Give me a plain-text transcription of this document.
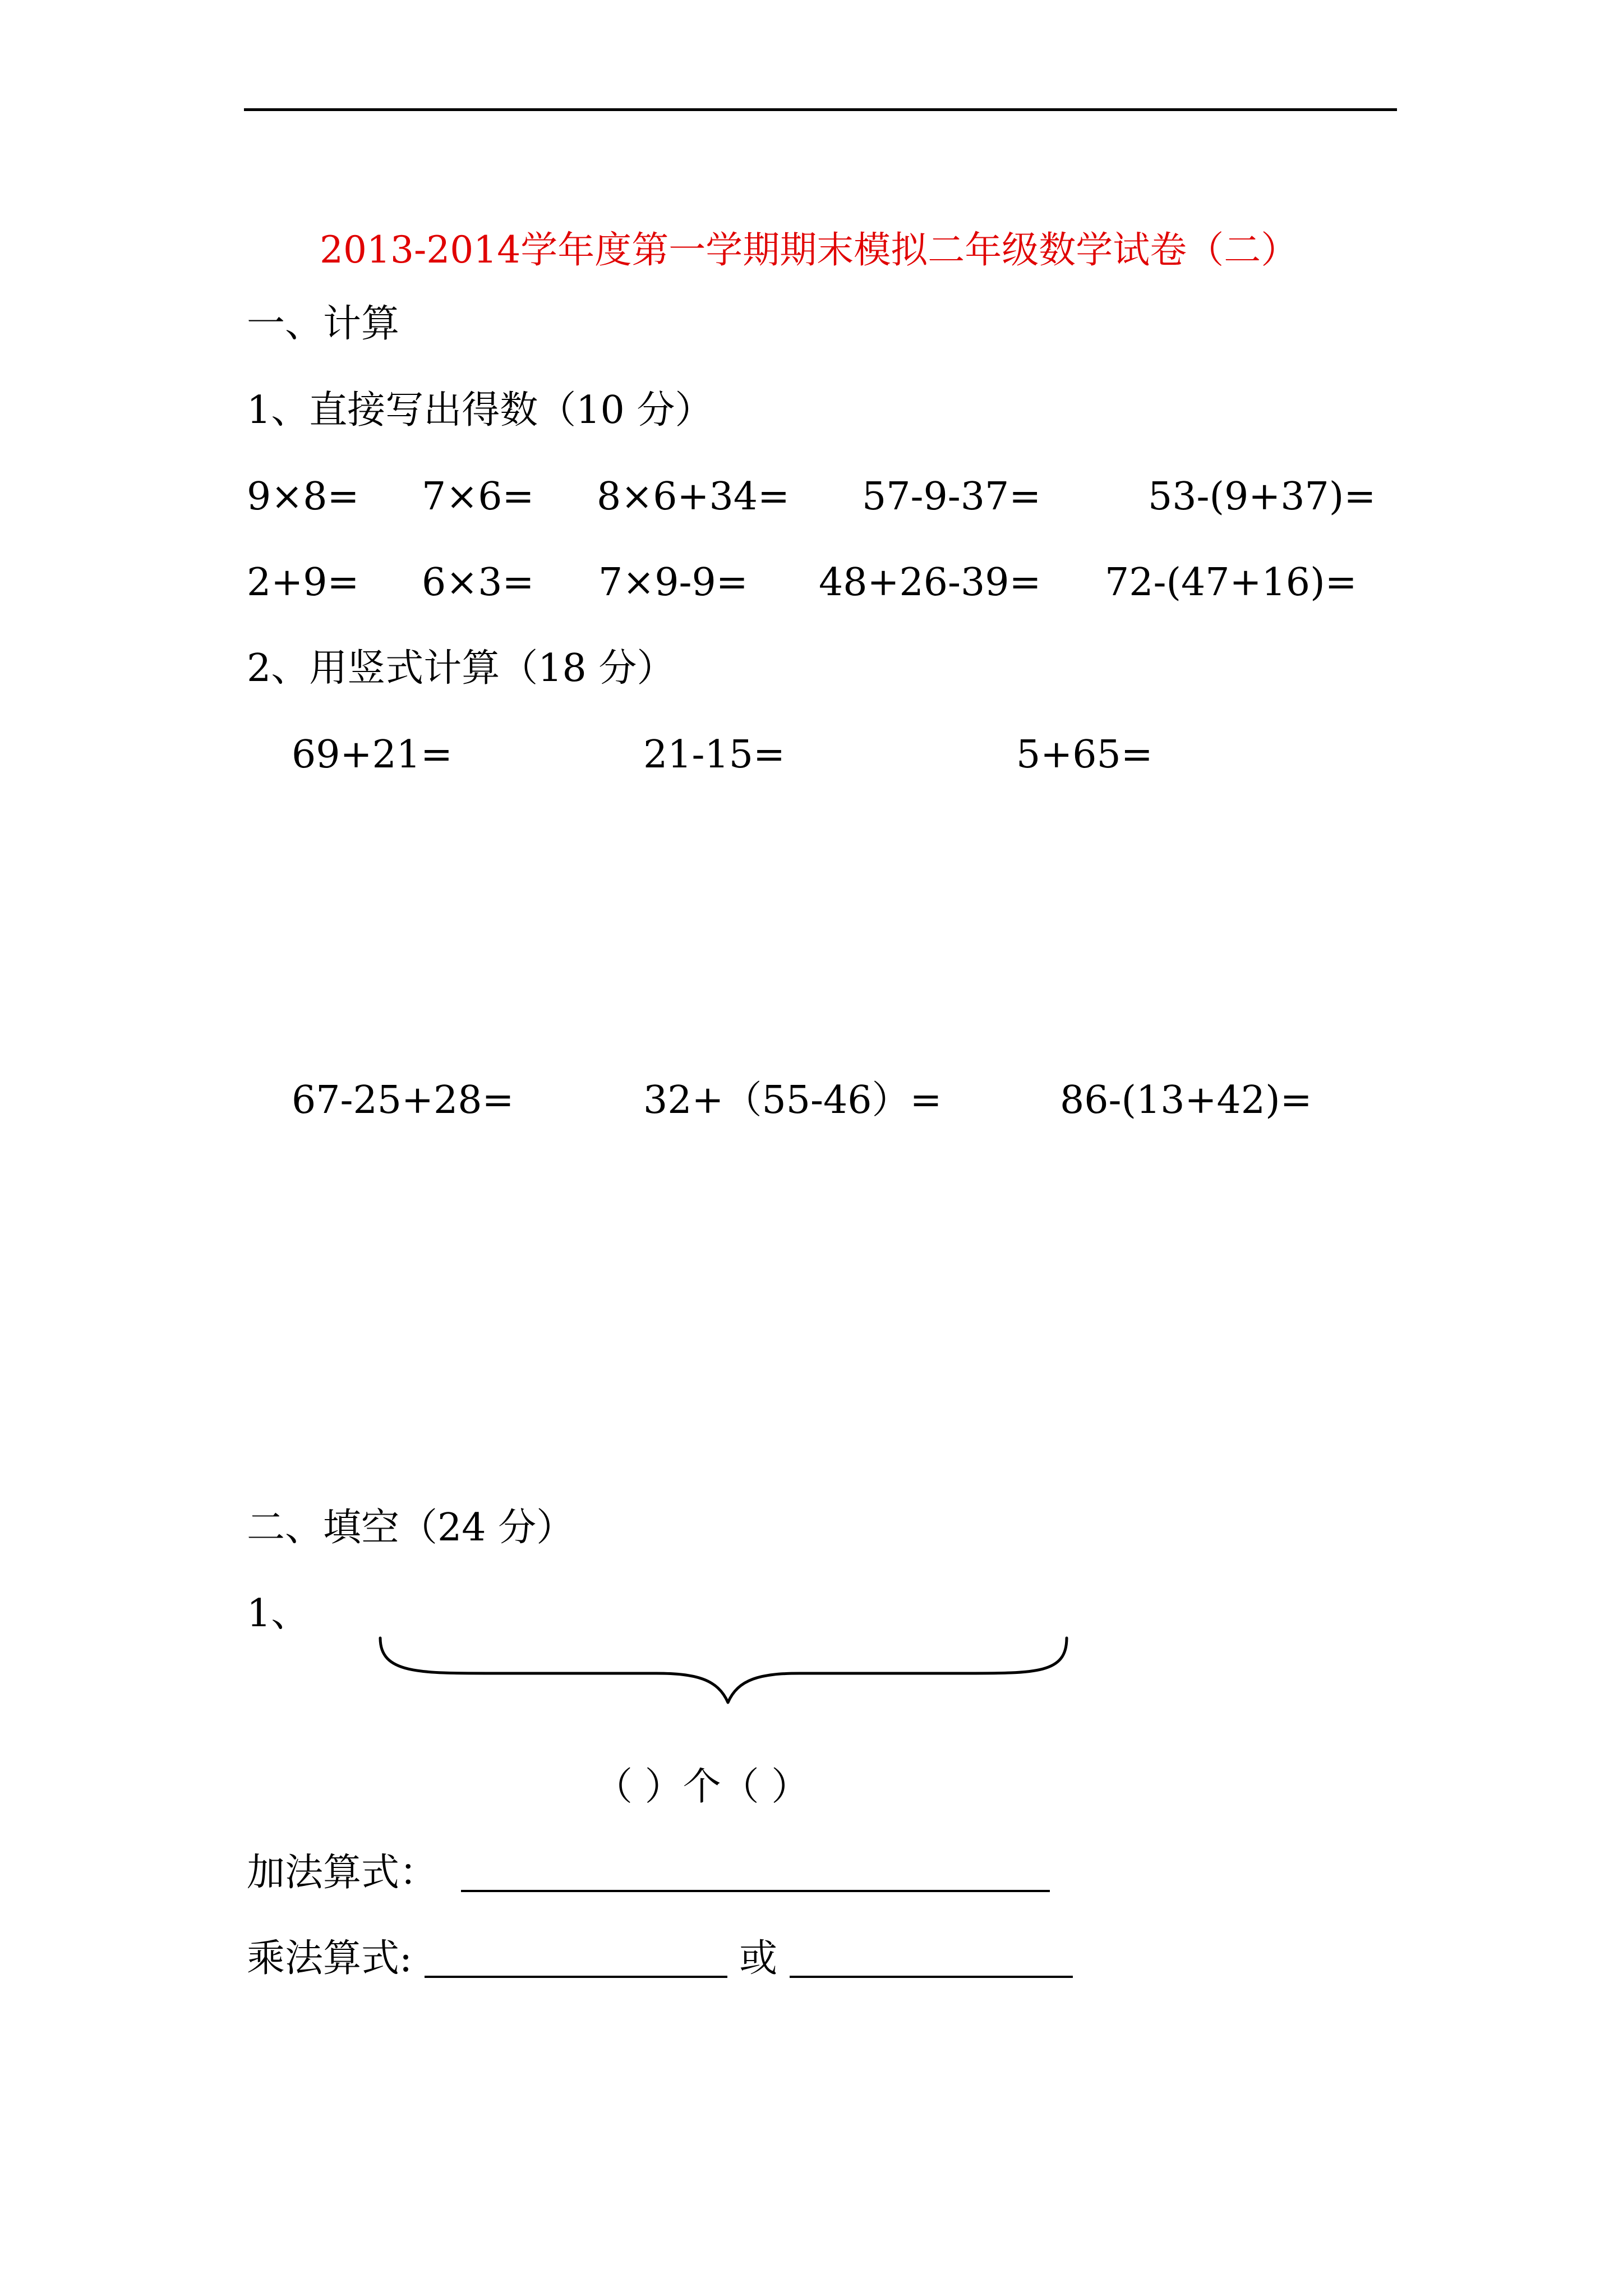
2013-2014学年度第一学期期末模拟二年级数学试卷（二）
一、计算
1、直接写出得数（10 分）
9×8= 7×6= 8×6+34= 57-9-37=	53-(9+37)=
2+9= 6×3= 7×9-9= 48+26-39= 72-(47+16)=
2、用竖式计算（18 分）
69+21=	21-15=	5+65=
67-25+28=	32+（55-46）=	86-(13+42)=
二、填空（24 分）
1、
（ ）个（ ）
加法算式：
乘法算式:	或
